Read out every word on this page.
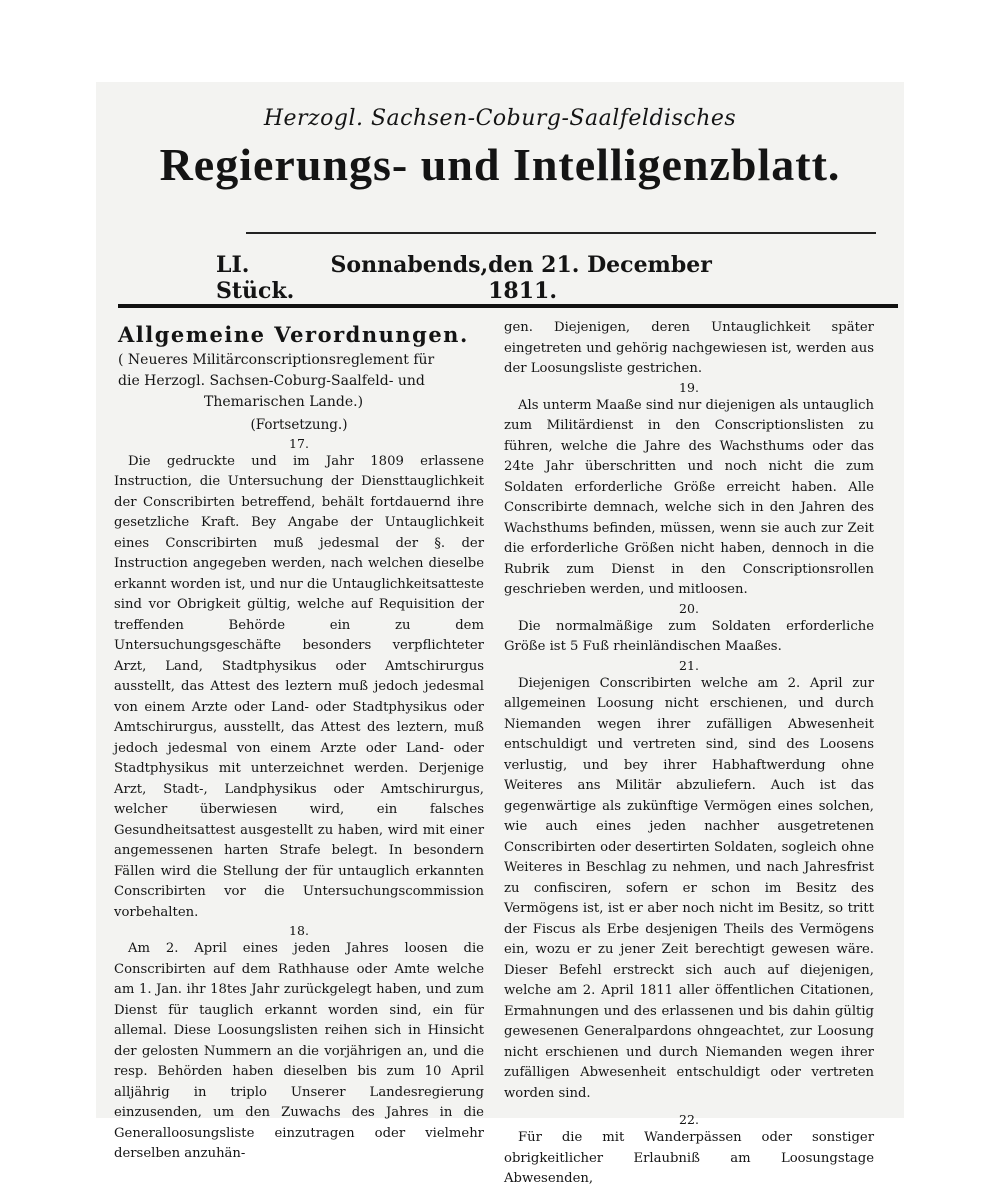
Herzogl. Sachsen-Coburg-Saalfeldisches
Regierungs- und Intelligenzblatt.
LI. Stück.
Sonnabends, den 21. December 1811.
Allgemeine Verordnungen.
( Neueres Militärconscriptionsreglement für
die Herzogl. Sachsen-Coburg-Saalfeld- und
Themarischen Lande.)
(Fortsetzung.)
17.
Die gedruckte und im Jahr 1809 erlassene Instruction, die Untersuchung der Diensttauglichkeit der Conscribirten betreffend, behält fortdauernd ihre gesetzliche Kraft. Bey Angabe der Untauglichkeit eines Conscribirten muß jedesmal der §. der Instruction angegeben werden, nach welchen dieselbe erkannt worden ist, und nur die Untauglichkeitsatteste sind vor Obrigkeit gültig, welche auf Requisition der treffenden Behörde ein zu dem Untersuchungsgeschäfte besonders verpflichteter Arzt, Land, Stadtphysikus oder Amtschirurgus ausstellt, das Attest des leztern muß jedoch jedesmal von einem Arzte oder Land- oder Stadtphysikus oder Amtschirurgus, ausstellt, das Attest des leztern, muß jedoch jedesmal von einem Arzte oder Land- oder Stadtphysikus mit unterzeichnet werden. Derjenige Arzt, Stadt-, Landphysikus oder Amtschirurgus, welcher überwiesen wird, ein falsches Gesundheitsattest ausgestellt zu haben, wird mit einer angemessenen harten Strafe belegt. In besondern Fällen wird die Stellung der für untauglich erkannten Conscribirten vor die Untersuchungscommission vorbehalten.
18.
Am 2. April eines jeden Jahres loosen die Conscribirten auf dem Rathhause oder Amte welche am 1. Jan. ihr 18tes Jahr zurückgelegt haben, und zum Dienst für tauglich erkannt worden sind, ein für allemal. Diese Loosungslisten reihen sich in Hinsicht der gelosten Nummern an die vorjährigen an, und die resp. Behörden haben dieselben bis zum 10 April alljährig in triplo Unserer Landesregierung einzusenden, um den Zuwachs des Jahres in die Generalloosungsliste einzutragen oder vielmehr derselben anzuhän-
gen. Diejenigen, deren Untauglichkeit später eingetreten und gehörig nachgewiesen ist, werden aus der Loosungsliste gestrichen.
19.
Als unterm Maaße sind nur diejenigen als untauglich zum Militärdienst in den Conscriptionslisten zu führen, welche die Jahre des Wachsthums oder das 24te Jahr überschritten und noch nicht die zum Soldaten erforderliche Größe erreicht haben. Alle Conscribirte demnach, welche sich in den Jahren des Wachsthums befinden, müssen, wenn sie auch zur Zeit die erforderliche Größen nicht haben, dennoch in die Rubrik zum Dienst in den Conscriptionsrollen geschrieben werden, und mitloosen.
20.
Die normalmäßige zum Soldaten erforderliche Größe ist 5 Fuß rheinländischen Maaßes.
21.
Diejenigen Conscribirten welche am 2. April zur allgemeinen Loosung nicht erschienen, und durch Niemanden wegen ihrer zufälligen Abwesenheit entschuldigt und vertreten sind, sind des Loosens verlustig, und bey ihrer Habhaftwerdung ohne Weiteres ans Militär abzuliefern. Auch ist das gegenwärtige als zukünftige Vermögen eines solchen, wie auch eines jeden nachher ausgetretenen Conscribirten oder desertirten Soldaten, sogleich ohne Weiteres in Beschlag zu nehmen, und nach Jahresfrist zu confisciren, sofern er schon im Besitz des Vermögens ist, ist er aber noch nicht im Besitz, so tritt der Fiscus als Erbe desjenigen Theils des Vermögens ein, wozu er zu jener Zeit berechtigt gewesen wäre. Dieser Befehl erstreckt sich auch auf diejenigen, welche am 2. April 1811 aller öffentlichen Citationen, Ermahnungen und des erlassenen und bis dahin gültig gewesenen Generalpardons ohngeachtet, zur Loosung nicht erschienen und durch Niemanden wegen ihrer zufälligen Abwesenheit entschuldigt oder vertreten worden sind.
22.
Für die mit Wanderpässen oder sonstiger obrigkeitlicher Erlaubniß am Loosungstage Abwesenden,
